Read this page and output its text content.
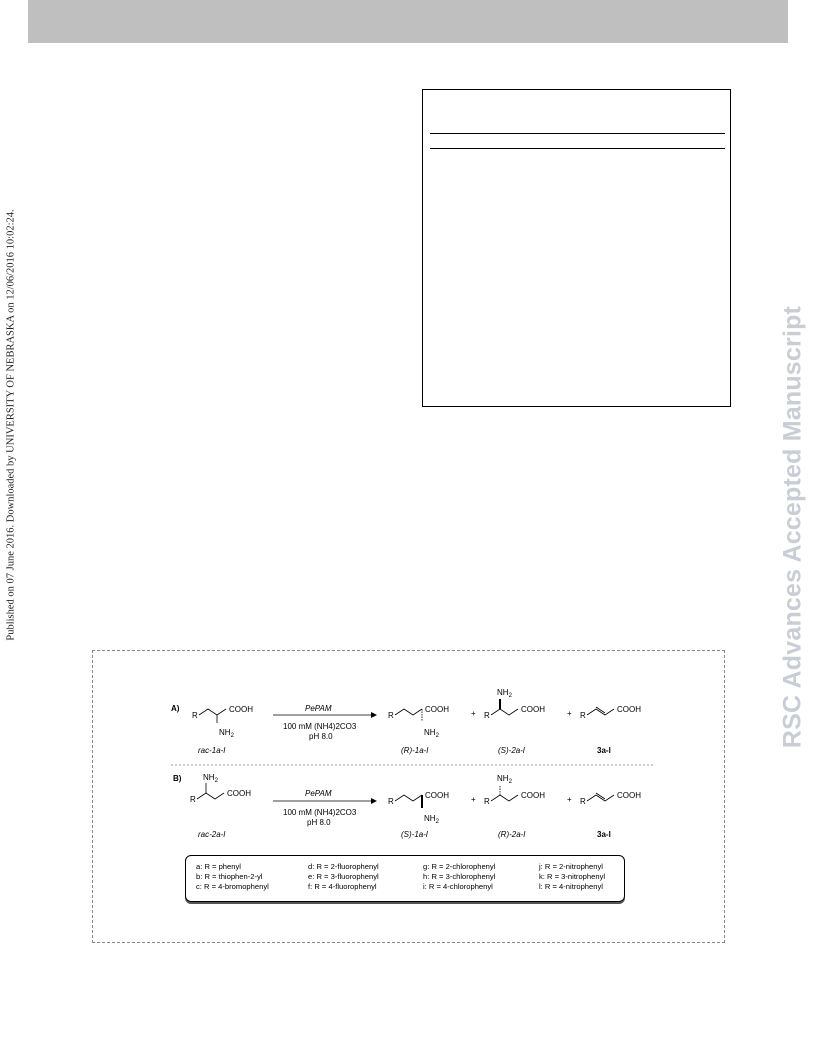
Published on 07 June 2016. Downloaded by UNIVERSITY OF NEBRASKA on 12/06/2016 10:02:24.	RSC Advances Accepted Manuscript
A)
R
COOH
$NH_2$
rac-1a-l
PePAM
100 mM (NH4)2CO3
pH 8.0
R
COOH
$NH_2$
(R)-1a-l
+ R
$NH_2$
COOH
(S)-2a-l
+ R
COOH
3a-l
B)
R
$NH_2$
COOH
rac-2a-l
PePAM
100 mM (NH4)2CO3
pH 8.0
R
COOH
$NH_2$
(S)-1a-l
+ R
$NH_2$
COOH
(R)-2a-l
+ R
COOH
3a-l
a: R = phenyl	d: R = 2-fluorophenyl	g: R = 2-chlorophenyl	j: R = 2-nitrophenyl
b: R = thiophen-2-yl	e: R = 3-fluorophenyl	h: R = 3-chlorophenyl	k: R = 3-nitrophenyl
c: R = 4-bromophenyl	f: R = 4-fluorophenyl	i: R = 4-chlorophenyl	l: R = 4-nitrophenyl
